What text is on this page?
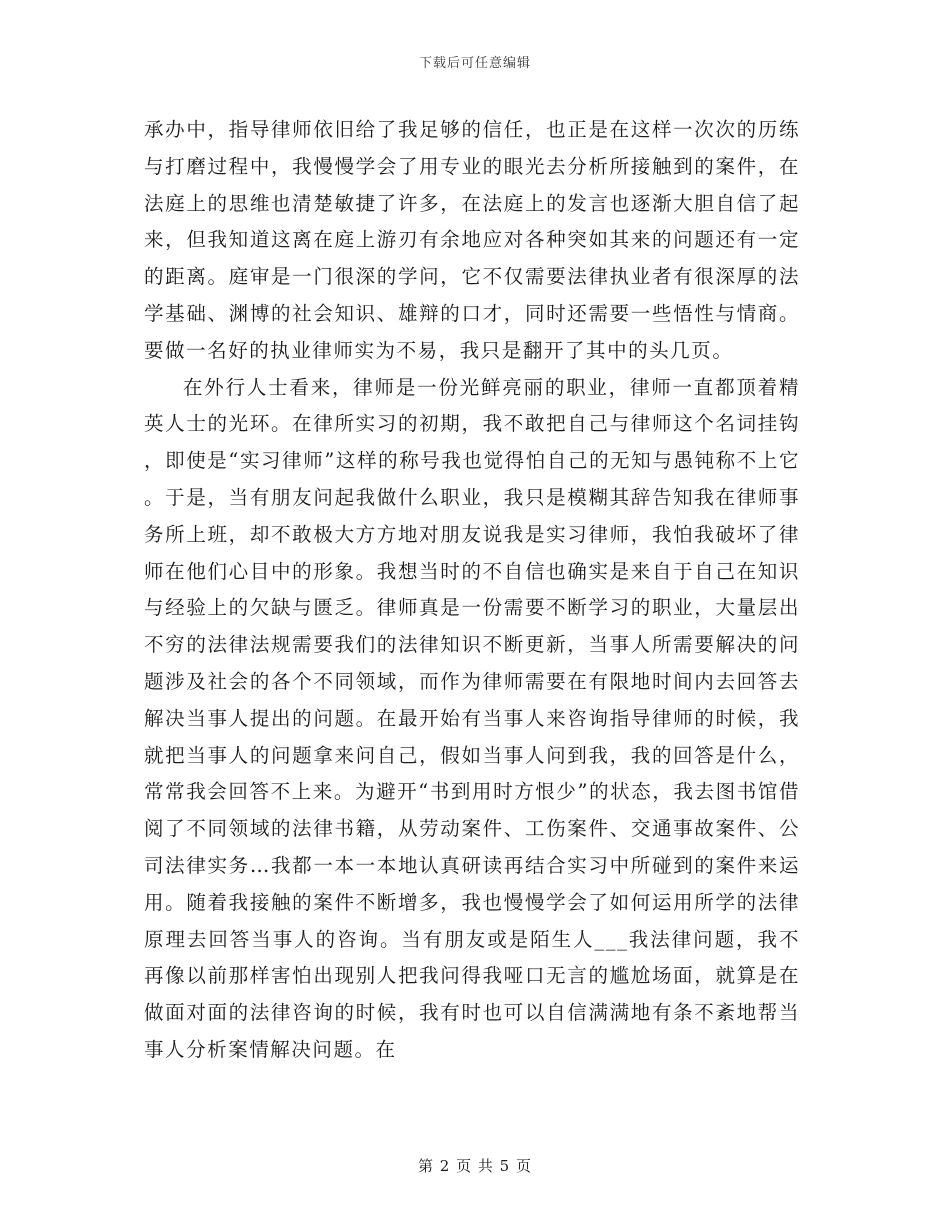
下载后可任意编辑

承办中，指导律师依旧给了我足够的信任，也正是在这样一次次的历练与打磨过程中，我慢慢学会了用专业的眼光去分析所接触到的案件，在法庭上的思维也清楚敏捷了许多，在法庭上的发言也逐渐大胆自信了起来，但我知道这离在庭上游刃有余地应对各种突如其来的问题还有一定的距离。庭审是一门很深的学问，它不仅需要法律执业者有很深厚的法学基础、渊博的社会知识、雄辩的口才，同时还需要一些悟性与情商。要做一名好的执业律师实为不易，我只是翻开了其中的头几页。

在外行人士看来，律师是一份光鲜亮丽的职业，律师一直都顶着精英人士的光环。在律所实习的初期，我不敢把自己与律师这个名词挂钩，即使是“实习律师”这样的称号我也觉得怕自己的无知与愚钝称不上它。于是，当有朋友问起我做什么职业，我只是模糊其辞告知我在律师事务所上班，却不敢极大方方地对朋友说我是实习律师，我怕我破坏了律师在他们心目中的形象。我想当时的不自信也确实是来自于自己在知识与经验上的欠缺与匮乏。律师真是一份需要不断学习的职业，大量层出不穷的法律法规需要我们的法律知识不断更新，当事人所需要解决的问题涉及社会的各个不同领域，而作为律师需要在有限地时间内去回答去解决当事人提出的问题。在最开始有当事人来咨询指导律师的时候，我就把当事人的问题拿来问自己，假如当事人问到我，我的回答是什么，常常我会回答不上来。为避开“书到用时方恨少”的状态，我去图书馆借阅了不同领域的法律书籍，从劳动案件、工伤案件、交通事故案件、公司法律实务…我都一本一本地认真研读再结合实习中所碰到的案件来运用。随着我接触的案件不断增多，我也慢慢学会了如何运用所学的法律原理去回答当事人的咨询。当有朋友或是陌生人___我法律问题，我不再像以前那样害怕出现别人把我问得我哑口无言的尴尬场面，就算是在做面对面的法律咨询的时候，我有时也可以自信满满地有条不紊地帮当事人分析案情解决问题。在

第 2 页 共 5 页
